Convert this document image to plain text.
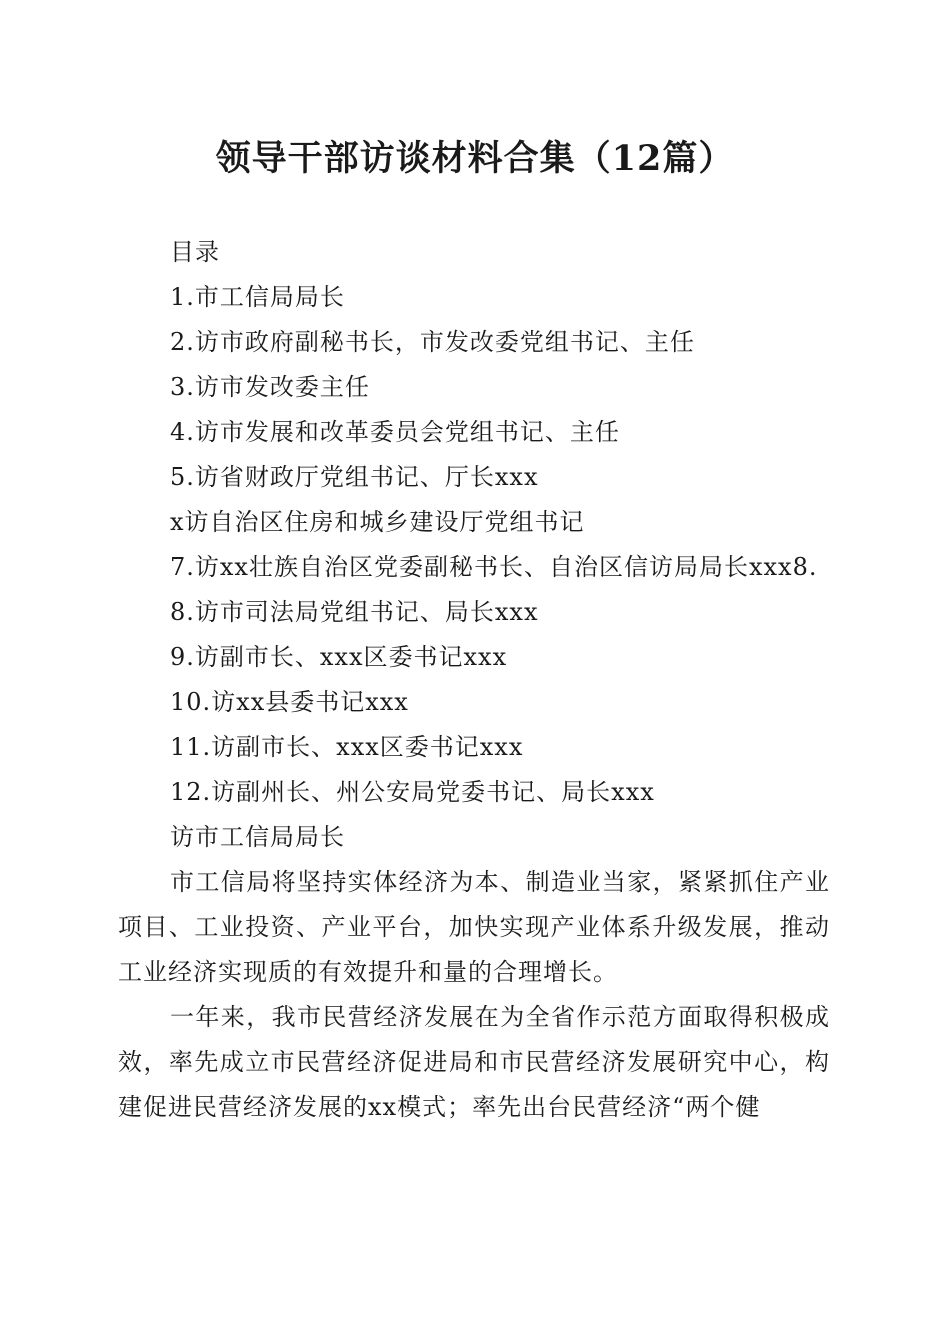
领导干部访谈材料合集（12篇）

目录

1.市工信局局长

2.访市政府副秘书长，市发改委党组书记、主任

3.访市发改委主任

4.访市发展和改革委员会党组书记、主任

5.访省财政厅党组书记、厅长xxx

x访自治区住房和城乡建设厅党组书记

7.访xx壮族自治区党委副秘书长、自治区信访局局长xxx8.

8.访市司法局党组书记、局长xxx

9.访副市长、xxx区委书记xxx

10.访xx县委书记xxx

11.访副市长、xxx区委书记xxx

12.访副州长、州公安局党委书记、局长xxx

访市工信局局长

市工信局将坚持实体经济为本、制造业当家，紧紧抓住产业项目、工业投资、产业平台，加快实现产业体系升级发展，推动工业经济实现质的有效提升和量的合理增长。

一年来，我市民营经济发展在为全省作示范方面取得积极成效，率先成立市民营经济促进局和市民营经济发展研究中心，构建促进民营经济发展的xx模式；率先出台民营经济“两个健
